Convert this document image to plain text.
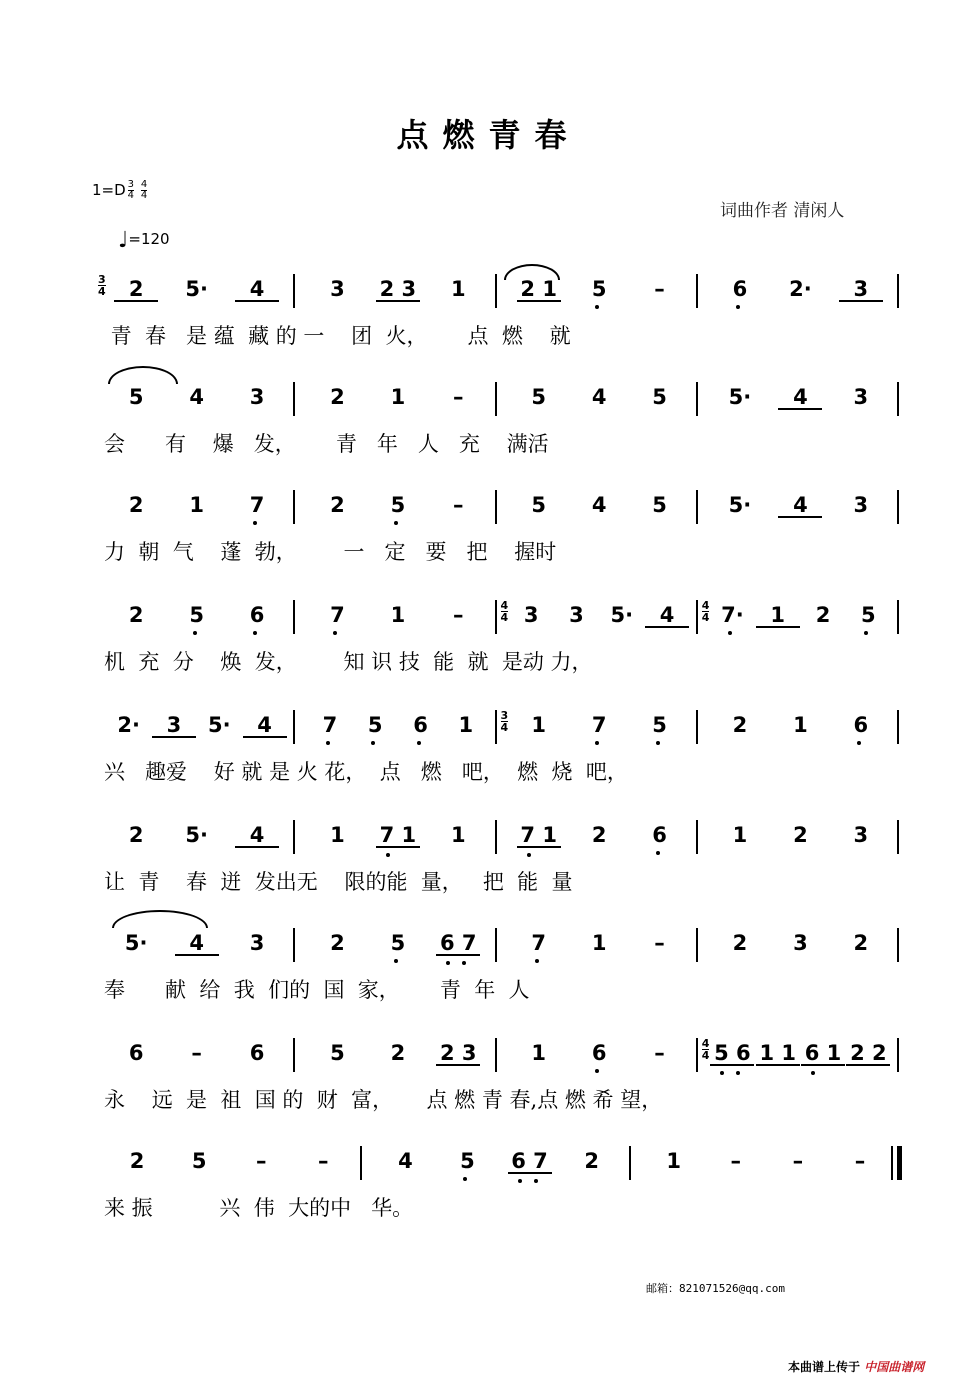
点燃青春
$1=D \frac{3}{4}$
$\frac{4}{4}$
♩=120
词曲作者 清闲人
3
4	2	5·	4	3	2 3	1	2 1	5	–	6	2·	3
青  春   是 蕴  藏 的 一    团  火，      点  燃    就
5	4	3	2	1	–	5	4	5	5·	4	3
会      有    爆   发，      青   年   人   充    满活
2	1	7	2	5	–	5	4	5	5·	4	3
力  朝  气    蓬  勃，       一   定   要   把    握时
2	5	6	7	1	–	4
4 3	3	5·	4	4
4 7·	1	2	5
机  充  分    焕  发，       知 识 技  能  就  是动 力，
2·	3	5·	4	7	5	6	1	3
4	1	7	5	2	1	6
兴   趣爱    好 就 是 火 花，  点   燃   吧，  燃  烧  吧，
2	5·	4	1	7 1	1	7 1	2	6	1	2	3
让  青    春  迸  发出无    限的能  量，   把  能  量
5·	4	3	2	5	6 7	7	1	–	2	3	2
奉      献  给  我  们的  国  家，      青  年  人
6	–	6	5	2	2 3	1	6	–	4
4 5 6 1 1 6 1 2 2
永    远  是  祖  国 的  财  富，     点 燃 青 春,点 燃 希 望，
2	5	–	–	4	5	6 7	2	1	–	–	–
来 振          兴  伟  大的中   华。
邮箱：821071526@qq.com
本曲谱上传于 中国曲谱网
